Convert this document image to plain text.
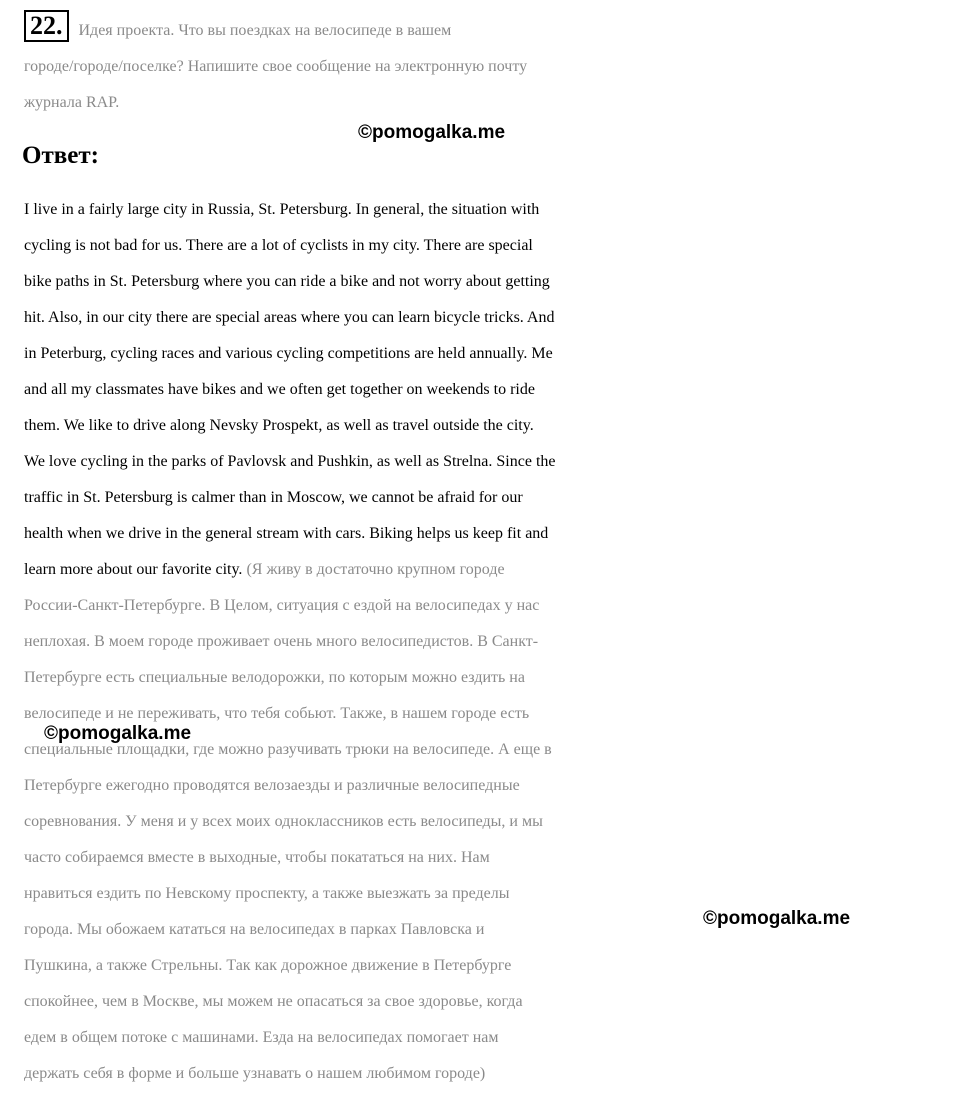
22. Идея проекта. Что вы поездках на велосипеде в вашем
городе/городе/поселке? Напишите свое сообщение на электронную почту
журнала RAP.
©pomogalka.me
Ответ:
I live in a fairly large city in Russia, St. Petersburg. In general, the situation with
cycling is not bad for us. There are a lot of cyclists in my city. There are special
bike paths in St. Petersburg where you can ride a bike and not worry about getting
hit. Also, in our city there are special areas where you can learn bicycle tricks. And
in Peterburg, cycling races and various cycling competitions are held annually. Me
and all my classmates have bikes and we often get together on weekends to ride
them. We like to drive along Nevsky Prospekt, as well as travel outside the city.
We love cycling in the parks of Pavlovsk and Pushkin, as well as Strelna. Since the
traffic in St. Petersburg is calmer than in Moscow, we cannot be afraid for our
health when we drive in the general stream with cars. Biking helps us keep fit and
learn more about our favorite city. (Я живу в достаточно крупном городе
России-Санкт-Петербурге. В Целом, ситуация с ездой на велосипедах у нас
неплохая. В моем городе проживает очень много велосипедистов. В Санкт-
Петербурге есть специальные велодорожки, по которым можно ездить на
велосипеде и не переживать, что тебя собьют. Также, в нашем городе есть
специальные площадки, где можно разучивать трюки на велосипеде. А еще в
Петербурге ежегодно проводятся велозаезды и различные велосипедные
соревнования. У меня и у всех моих одноклассников есть велосипеды, и мы
часто собираемся вместе в выходные, чтобы покататься на них. Нам
нравиться ездить по Невскому проспекту, а также выезжать за пределы
города. Мы обожаем кататься на велосипедах в парках Павловска и
Пушкина, а также Стрельны. Так как дорожное движение в Петербурге
спокойнее, чем в Москве, мы можем не опасаться за свое здоровье, когда
едем в общем потоке с машинами. Езда на велосипедах помогает нам
держать себя в форме и больше узнавать о нашем любимом городе)
©pomogalka.me
©pomogalka.me
